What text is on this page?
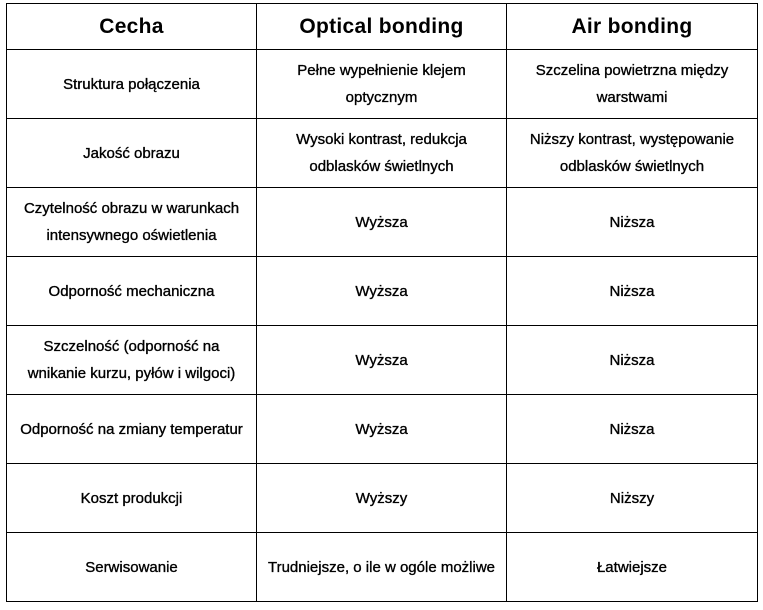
Cecha	Optical bonding	Air bonding
Struktura połączenia	Pełne wypełnienie klejem optycznym	Szczelina powietrzna między warstwami
Jakość obrazu	Wysoki kontrast, redukcja odblasków świetlnych	Niższy kontrast, występowanie odblasków świetlnych
Czytelność obrazu w warunkach intensywnego oświetlenia	Wyższa	Niższa
Odporność mechaniczna	Wyższa	Niższa
Szczelność (odporność na wnikanie kurzu, pyłów i wilgoci)	Wyższa	Niższa
Odporność na zmiany temperatur	Wyższa	Niższa
Koszt produkcji	Wyższy	Niższy
Serwisowanie	Trudniejsze, o ile w ogóle możliwe	Łatwiejsze
